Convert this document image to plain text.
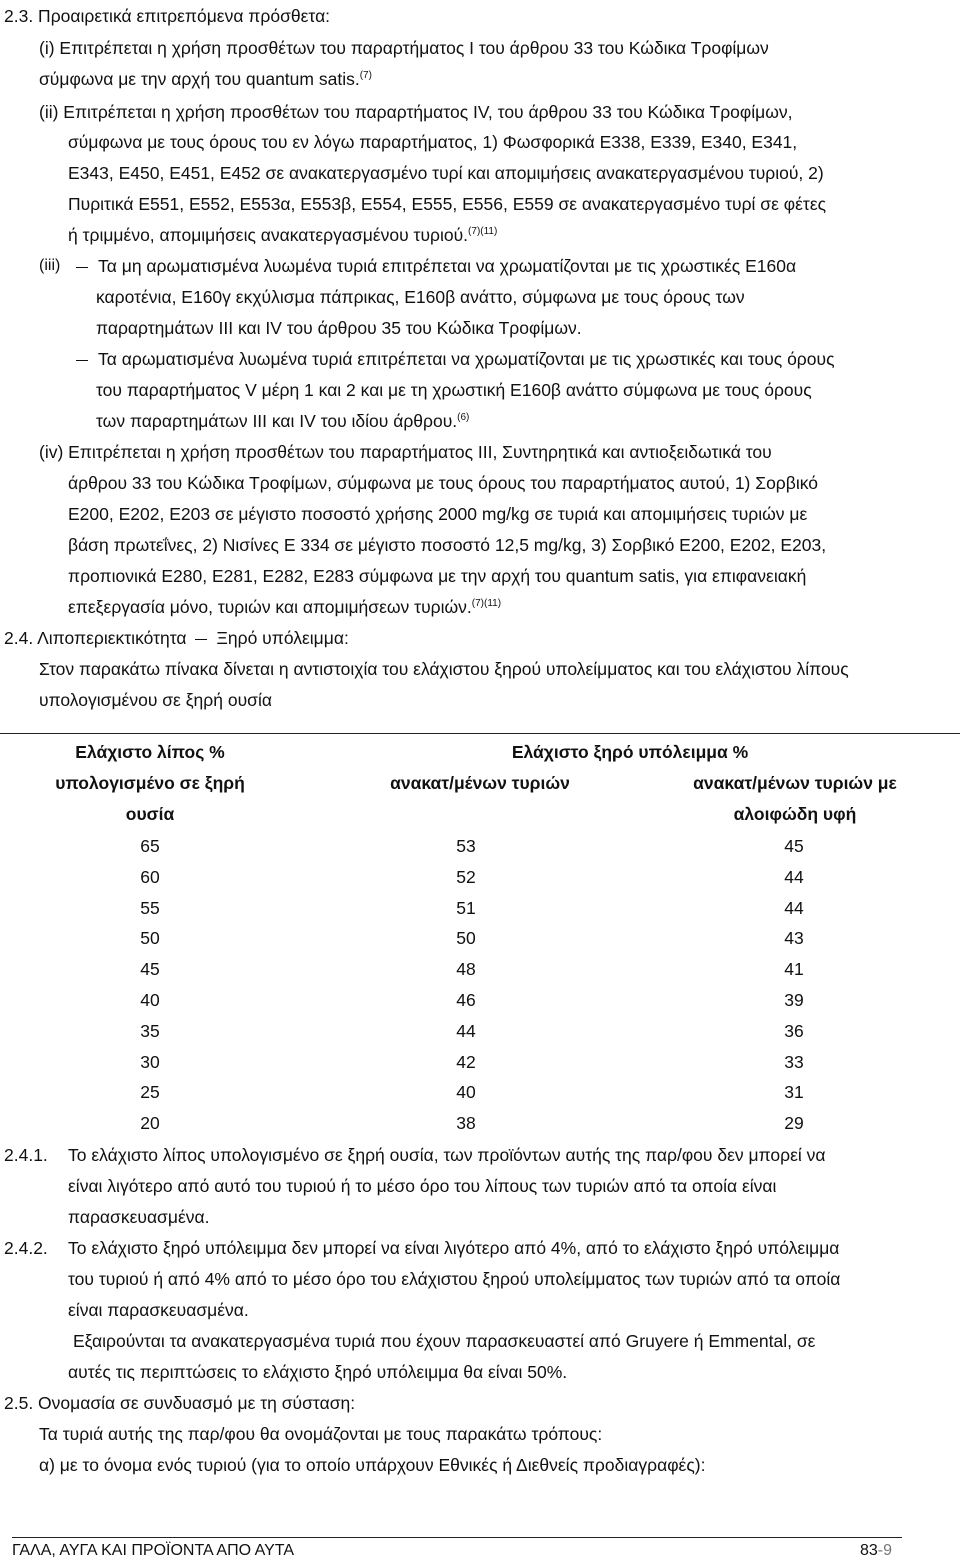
2.3. Προαιρετικά επιτρεπόμενα πρόσθετα:
(i) Επιτρέπεται η χρήση προσθέτων του παραρτήματος Ι του άρθρου 33 του Κώδικα Τροφίμων
σύμφωνα με την αρχή του quantum satis.$^{(7)}$
(ii) Επιτρέπεται η χρήση προσθέτων του παραρτήματος IV, του άρθρου 33 του Κώδικα Τροφίμων,
σύμφωνα με τους όρους του εν λόγω παραρτήματος, 1) Φωσφορικά Ε338, Ε339, Ε340, Ε341,
Ε343, Ε450, Ε451, Ε452 σε ανακατεργασμένο τυρί και απομιμήσεις ανακατεργασμένου τυριού, 2)
Πυριτικά Ε551, Ε552, Ε553α, Ε553β, Ε554, Ε555, Ε556, Ε559 σε ανακατεργασμένο τυρί σε φέτες
ή τριμμένο, απομιμήσεις ανακατεργασμένου τυριού.$^{(7)(11)}$
(iii)	Τα μη αρωματισμένα λυωμένα τυριά επιτρέπεται να χρωματίζονται με τις χρωστικές Ε160α
καροτένια, Ε160γ εκχύλισμα πάπρικας, Ε160β ανάττο, σύμφωνα με τους όρους των
παραρτημάτων ΙΙΙ και IV του άρθρου 35 του Κώδικα Τροφίμων.
Τα αρωματισμένα λυωμένα τυριά επιτρέπεται να χρωματίζονται με τις χρωστικές και τους όρους
του παραρτήματος V μέρη 1 και 2 και με τη χρωστική Ε160β ανάττο σύμφωνα με τους όρους
των παραρτημάτων ΙΙΙ και IV του ιδίου άρθρου.$^{(6)}$
(iv) Επιτρέπεται η χρήση προσθέτων του παραρτήματος ΙΙΙ, Συντηρητικά και αντιοξειδωτικά του
άρθρου 33 του Κώδικα Τροφίμων, σύμφωνα με τους όρους του παραρτήματος αυτού, 1) Σορβικό
Ε200, Ε202, Ε203 σε μέγιστο ποσοστό χρήσης 2000 mg/kg σε τυριά και απομιμήσεις τυριών με
βάση πρωτεΐνες, 2) Νισίνες Ε 334 σε μέγιστο ποσοστό 12,5 mg/kg, 3) Σορβικό Ε200, Ε202, Ε203,
προπιονικά Ε280, Ε281, Ε282, Ε283 σύμφωνα με την αρχή του quantum satis, για επιφανειακή
επεξεργασία μόνο, τυριών και απομιμήσεων τυριών.$^{(7)(11)}$
2.4. Λιποπεριεκτικότητα Ξηρό υπόλειμμα:
Στον παρακάτω πίνακα δίνεται η αντιστοιχία του ελάχιστου ξηρού υπολείμματος και του ελάχιστου λίπους
υπολογισμένου σε ξηρή ουσία
Ελάχιστο λίπος %
υπολογισμένο σε ξηρή
ουσία
Ελάχιστο ξηρό υπόλειμμα %
ανακατ/μένων τυριών	ανακατ/μένων τυριών με
αλοιφώδη υφή
65	53	45
60	52	44
55	51	44
50	50	43
45	48	41
40	46	39
35	44	36
30	42	33
25	40	31
20	38	29
2.4.1. Το ελάχιστο λίπος υπολογισμένο σε ξηρή ουσία, των προϊόντων αυτής της παρ/φου δεν μπορεί να
είναι λιγότερο από αυτό του τυριού ή το μέσο όρο του λίπους των τυριών από τα οποία είναι
παρασκευασμένα.
2.4.2. Το ελάχιστο ξηρό υπόλειμμα δεν μπορεί να είναι λιγότερο από 4%, από το ελάχιστο ξηρό υπόλειμμα
του τυριού ή από 4% από το μέσο όρο του ελάχιστου ξηρού υπολείμματος των τυριών από τα οποία
είναι παρασκευασμένα.
Εξαιρούνται τα ανακατεργασμένα τυριά που έχουν παρασκευαστεί από Gruyere ή Emmental, σε
αυτές τις περιπτώσεις το ελάχιστο ξηρό υπόλειμμα θα είναι 50%.
2.5. Ονομασία σε συνδυασμό με τη σύσταση:
Τα τυριά αυτής της παρ/φου θα ονομάζονται με τους παρακάτω τρόπους:
α) με το όνομα ενός τυριού (για το οποίο υπάρχουν Εθνικές ή Διεθνείς προδιαγραφές):
ΓΑΛΑ, ΑΥΓΑ ΚΑΙ ΠΡΟΪΟΝΤΑ ΑΠΟ ΑΥΤΑ	83-9
